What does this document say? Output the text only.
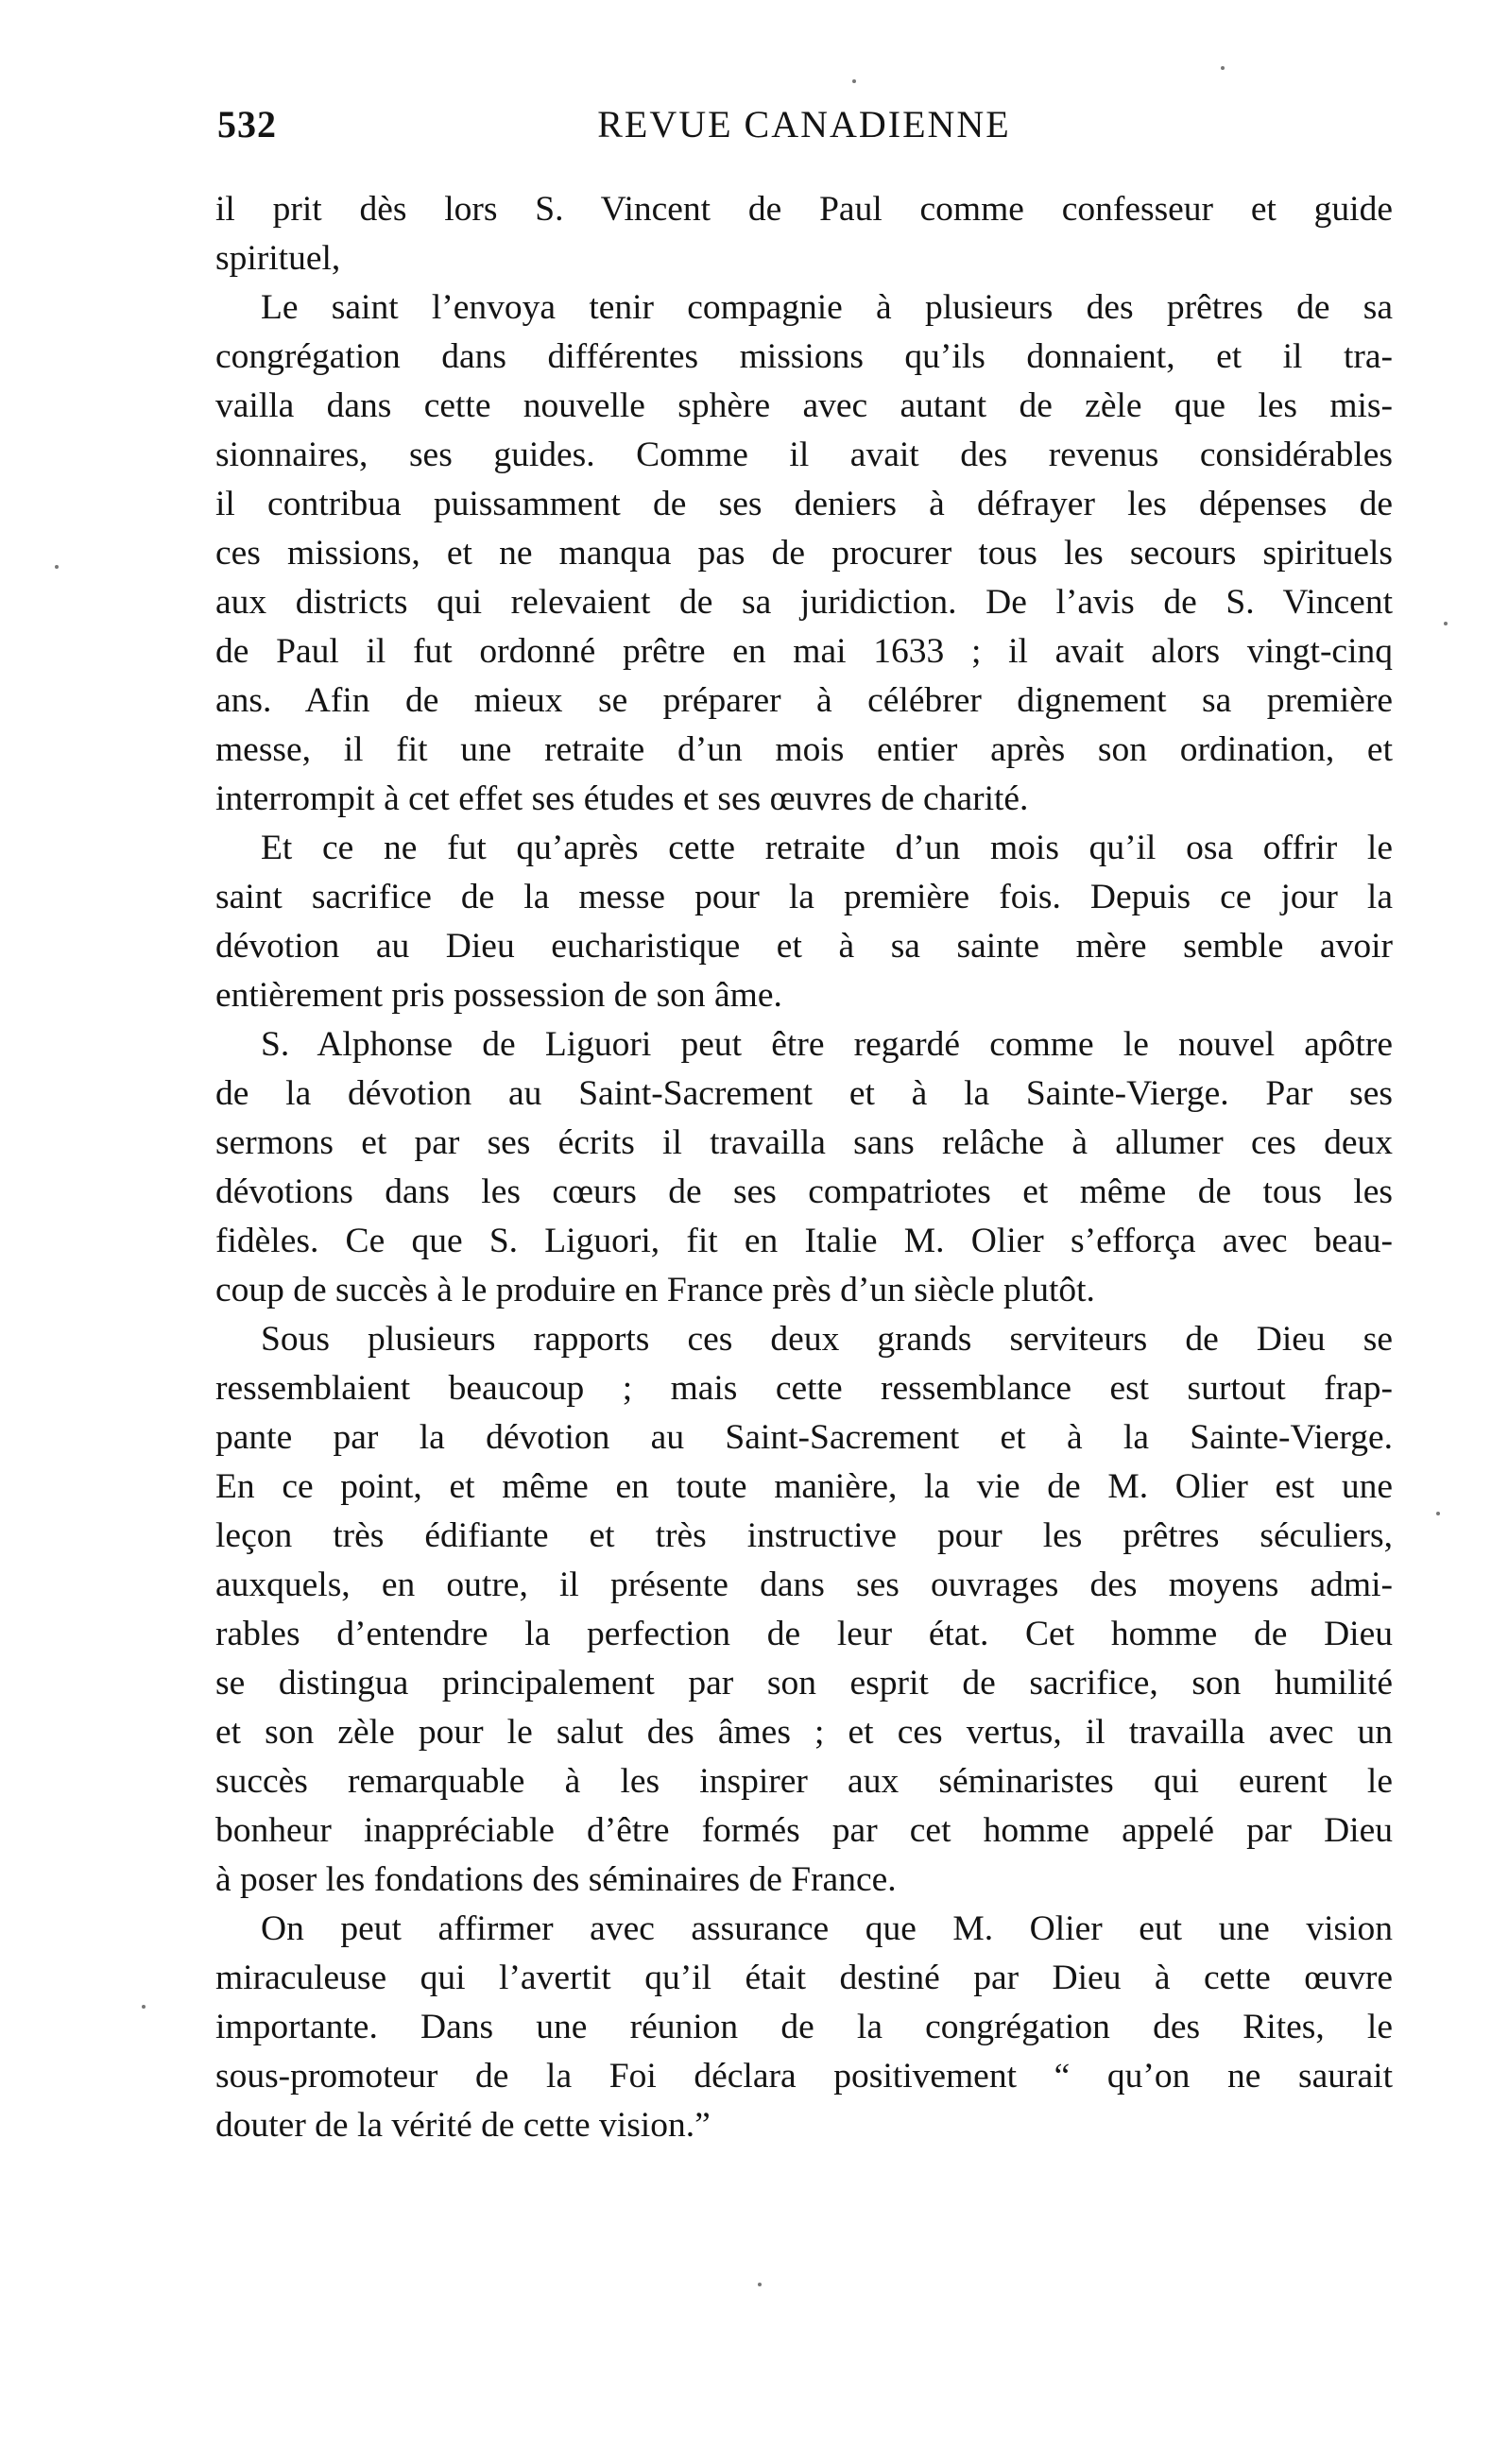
532	REVUE CANADIENNE
il prit dès lors S. Vincent de Paul comme confesseur et guide
spirituel,
Le saint l’envoya tenir compagnie à plusieurs des prêtres de sa
congrégation dans différentes missions qu’ils donnaient, et il tra-
vailla dans cette nouvelle sphère avec autant de zèle que les mis-
sionnaires, ses guides. Comme il avait des revenus considérables
il contribua puissamment de ses deniers à défrayer les dépenses de
ces missions, et ne manqua pas de procurer tous les secours spirituels
aux districts qui relevaient de sa juridiction. De l’avis de S. Vincent
de Paul il fut ordonné prêtre en mai 1633 ; il avait alors vingt-cinq
ans. Afin de mieux se préparer à célébrer dignement sa première
messe, il fit une retraite d’un mois entier après son ordination, et
interrompit à cet effet ses études et ses œuvres de charité.
Et ce ne fut qu’après cette retraite d’un mois qu’il osa offrir le
saint sacrifice de la messe pour la première fois. Depuis ce jour la
dévotion au Dieu eucharistique et à sa sainte mère semble avoir
entièrement pris possession de son âme.
S. Alphonse de Liguori peut être regardé comme le nouvel apôtre
de la dévotion au Saint-Sacrement et à la Sainte-Vierge. Par ses
sermons et par ses écrits il travailla sans relâche à allumer ces deux
dévotions dans les cœurs de ses compatriotes et même de tous les
fidèles. Ce que S. Liguori, fit en Italie M. Olier s’efforça avec beau-
coup de succès à le produire en France près d’un siècle plutôt.
Sous plusieurs rapports ces deux grands serviteurs de Dieu se
ressemblaient beaucoup ; mais cette ressemblance est surtout frap-
pante par la dévotion au Saint-Sacrement et à la Sainte-Vierge.
En ce point, et même en toute manière, la vie de M. Olier est une
leçon très édifiante et très instructive pour les prêtres séculiers,
auxquels, en outre, il présente dans ses ouvrages des moyens admi-
rables d’entendre la perfection de leur état. Cet homme de Dieu
se distingua principalement par son esprit de sacrifice, son humilité
et son zèle pour le salut des âmes ; et ces vertus, il travailla avec un
succès remarquable à les inspirer aux séminaristes qui eurent le
bonheur inappréciable d’être formés par cet homme appelé par Dieu
à poser les fondations des séminaires de France.
On peut affirmer avec assurance que M. Olier eut une vision
miraculeuse qui l’avertit qu’il était destiné par Dieu à cette œuvre
importante. Dans une réunion de la congrégation des Rites, le
sous-promoteur de la Foi déclara positivement “ qu’on ne saurait
douter de la vérité de cette vision.”
